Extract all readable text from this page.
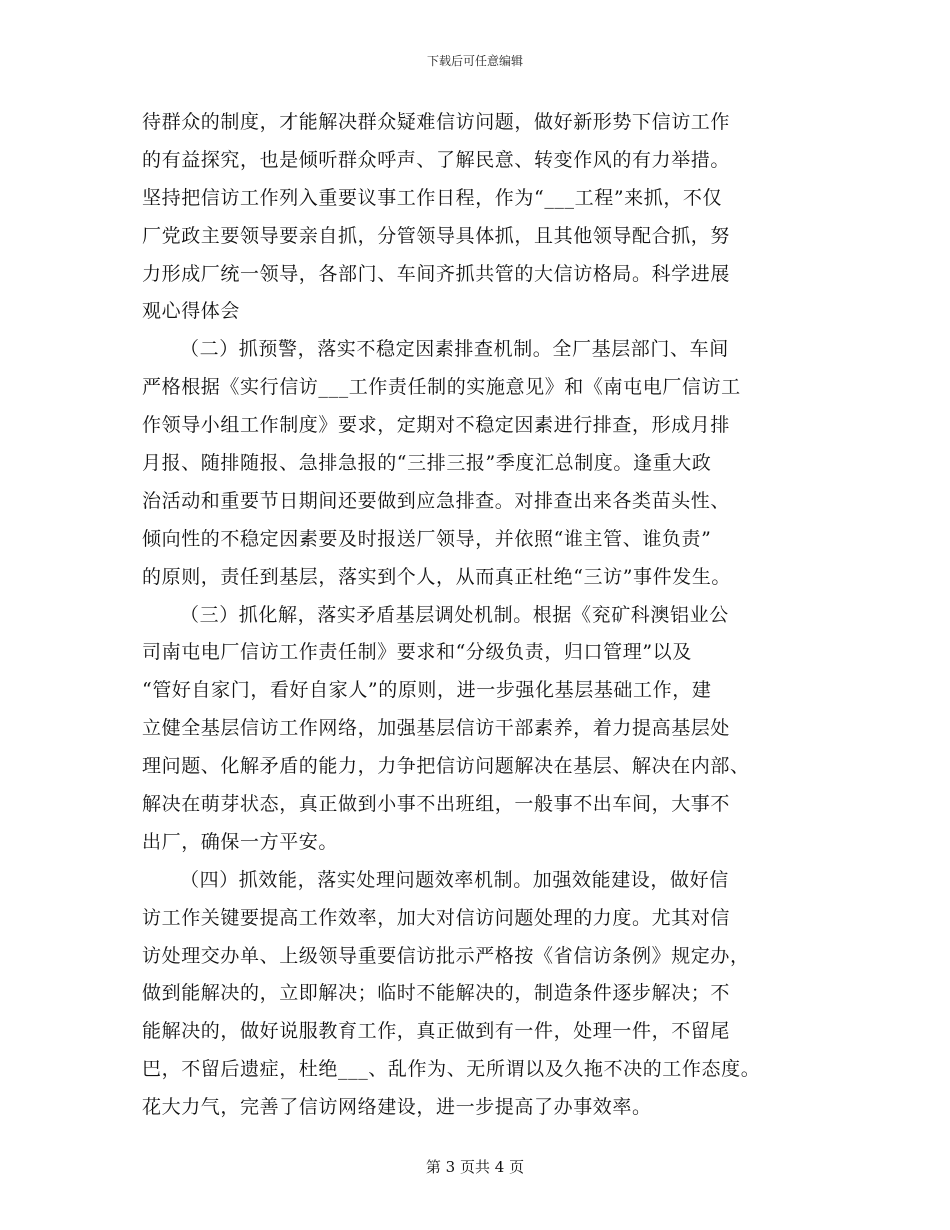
下载后可任意编辑
待群众的制度，才能解决群众疑难信访问题，做好新形势下信访工作
的有益探究，也是倾听群众呼声、了解民意、转变作风的有力举措。
坚持把信访工作列入重要议事工作日程，作为“___工程”来抓，不仅
厂党政主要领导要亲自抓，分管领导具体抓，且其他领导配合抓，努
力形成厂统一领导，各部门、车间齐抓共管的大信访格局。科学进展
观心得体会
（二）抓预警，落实不稳定因素排查机制。全厂基层部门、车间
严格根据《实行信访___工作责任制的实施意见》和《南屯电厂信访工
作领导小组工作制度》要求，定期对不稳定因素进行排查，形成月排
月报、随排随报、急排急报的“三排三报”季度汇总制度。逢重大政
治活动和重要节日期间还要做到应急排查。对排查出来各类苗头性、
倾向性的不稳定因素要及时报送厂领导，并依照“谁主管、谁负责”
的原则，责任到基层，落实到个人，从而真正杜绝“三访”事件发生。
（三）抓化解，落实矛盾基层调处机制。根据《兖矿科澳铝业公
司南屯电厂信访工作责任制》要求和“分级负责，归口管理”以及
“管好自家门，看好自家人”的原则，进一步强化基层基础工作，建
立健全基层信访工作网络，加强基层信访干部素养，着力提高基层处
理问题、化解矛盾的能力，力争把信访问题解决在基层、解决在内部、
解决在萌芽状态，真正做到小事不出班组，一般事不出车间，大事不
出厂，确保一方平安。
（四）抓效能，落实处理问题效率机制。加强效能建设，做好信
访工作关键要提高工作效率，加大对信访问题处理的力度。尤其对信
访处理交办单、上级领导重要信访批示严格按《省信访条例》规定办，
做到能解决的，立即解决；临时不能解决的，制造条件逐步解决；不
能解决的，做好说服教育工作，真正做到有一件，处理一件，不留尾
巴，不留后遗症，杜绝___、乱作为、无所谓以及久拖不决的工作态度。
花大力气，完善了信访网络建设，进一步提高了办事效率。
第 3 页共 4 页
